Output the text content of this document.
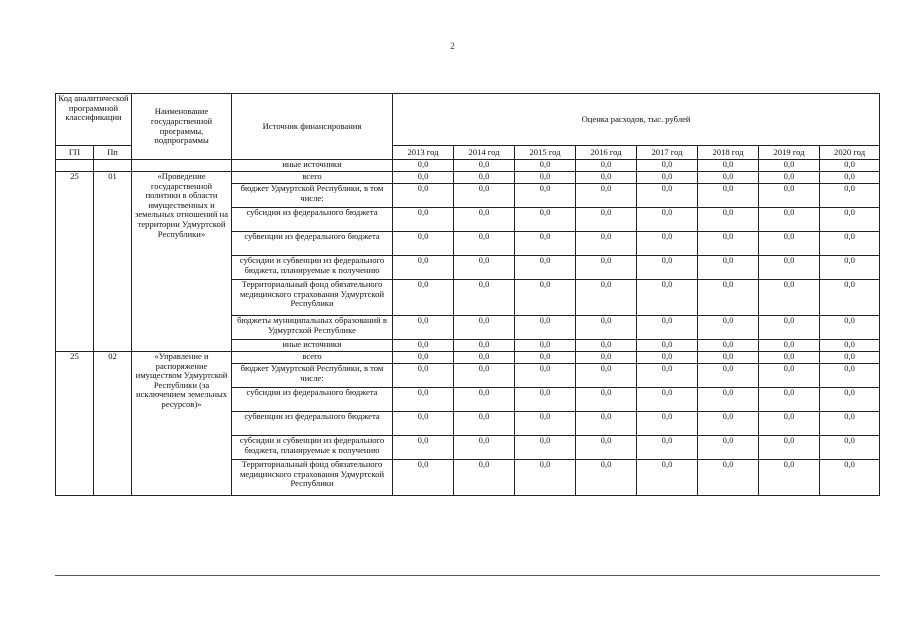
2
Код аналитической программной классификации		Наименование государственной программы, подпрограммы	Источник финансирования	Оценка расходов, тыс. рублей							
ГП	Пп			2013 год	2014 год	2015 год	2016 год	2017 год	2018 год	2019 год	2020 год
			иные источники	0,0	0,0	0,0	0,0	0,0	0,0	0,0	0,0
25	01	«Проведение государственной политики в области имущественных и земельных отношений на территории Удмуртской Республики»	всего	0,0	0,0	0,0	0,0	0,0	0,0	0,0	0,0
			бюджет Удмуртской Республики, в том числе:	0,0	0,0	0,0	0,0	0,0	0,0	0,0	0,0
			субсидии из федерального бюджета	0,0	0,0	0,0	0,0	0,0	0,0	0,0	0,0
			субвенции из федерального бюджета	0,0	0,0	0,0	0,0	0,0	0,0	0,0	0,0
			субсидии и субвенции из федерального бюджета, планируемые к получению	0,0	0,0	0,0	0,0	0,0	0,0	0,0	0,0
			Территориальный фонд обязательного медицинского страхования Удмуртской Республики	0,0	0,0	0,0	0,0	0,0	0,0	0,0	0,0
			бюджеты муниципальных образований в Удмуртской Республике	0,0	0,0	0,0	0,0	0,0	0,0	0,0	0,0
			иные источники	0,0	0,0	0,0	0,0	0,0	0,0	0,0	0,0
25	02	«Управление и распоряжение имуществом Удмуртской Республики (за исключением земельных ресурсов)»	всего	0,0	0,0	0,0	0,0	0,0	0,0	0,0	0,0
			бюджет Удмуртской Республики, в том числе:	0,0	0,0	0,0	0,0	0,0	0,0	0,0	0,0
			субсидии из федерального бюджета	0,0	0,0	0,0	0,0	0,0	0,0	0,0	0,0
			субвенции из федерального бюджета	0,0	0,0	0,0	0,0	0,0	0,0	0,0	0,0
			субсидии и субвенции из федерального бюджета, планируемые к получению	0,0	0,0	0,0	0,0	0,0	0,0	0,0	0,0
			Территориальный фонд обязательного медицинского страхования Удмуртской Республики	0,0	0,0	0,0	0,0	0,0	0,0	0,0	0,0
